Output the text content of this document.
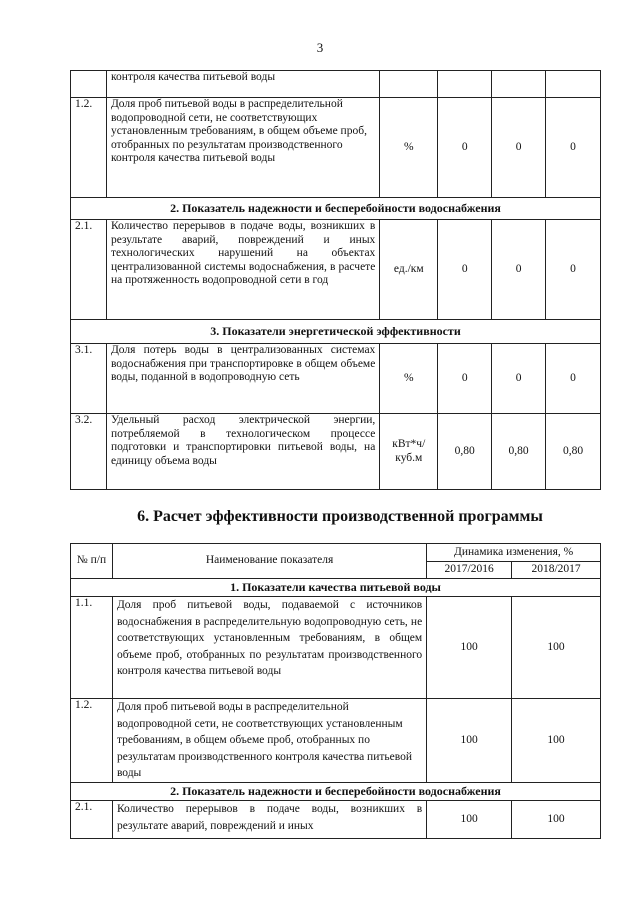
3
	контроля качества питьевой воды				
1.2.	Доля проб питьевой воды в распределительной водопроводной сети, не соответствующих установленным требованиям, в общем объеме проб, отобранных по результатам производственного контроля качества питьевой воды	%	0	0	0
2. Показатель надежности и бесперебойности водоснабжения					
2.1.	Количество перерывов в подаче воды, возникших в результате аварий, повреждений и иных технологических нарушений на объектах централизованной системы водоснабжения, в расчете на протяженность водопроводной сети в год	ед./км	0	0	0
3. Показатели энергетической эффективности					
3.1.	Доля потерь воды в централизованных системах водоснабжения при транспортировке в общем объеме воды, поданной в водопроводную сеть	%	0	0	0
3.2.	Удельный расход электрической энергии, потребляемой в технологическом процессе подготовки и транспортировки питьевой воды, на единицу объема воды	кВт*ч/ куб.м	0,80	0,80	0,80
6. Расчет эффективности производственной программы
№ п/п	Наименование показателя	Динамика изменения, %	
		2017/2016	2018/2017
1. Показатели качества питьевой воды			
1.1.	Доля проб питьевой воды, подаваемой с источников водоснабжения в распределительную водопроводную сеть, не соответствующих установленным требованиям, в общем объеме проб, отобранных по результатам производственного контроля качества питьевой воды	100	100
1.2.	Доля проб питьевой воды в распределительной водопроводной сети, не соответствующих установленным требованиям, в общем объеме проб, отобранных по результатам производственного контроля качества питьевой воды	100	100
2. Показатель надежности и бесперебойности водоснабжения			
2.1.	Количество перерывов в подаче воды, возникших в результате аварий, повреждений и иных	100	100
